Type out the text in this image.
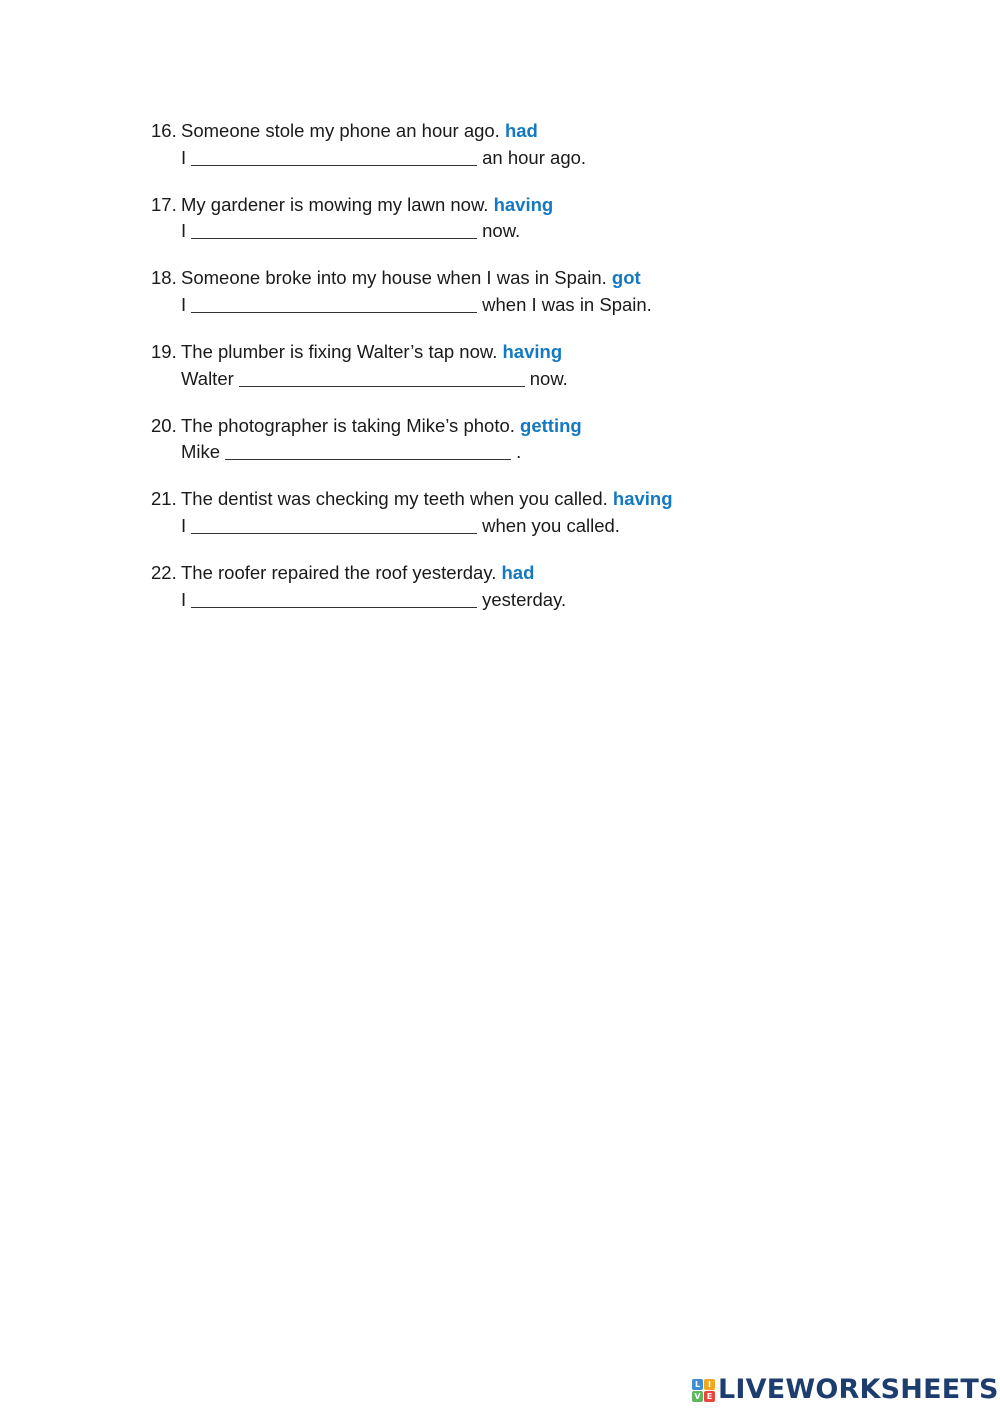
16. Someone stole my phone an hour ago. had
I	an hour ago.
17. My gardener is mowing my lawn now. having
I	now.
18. Someone broke into my house when I was in Spain. got
I	when I was in Spain.
19. The plumber is fixing Walter’s tap now. having
Walter	now.
20. The photographer is taking Mike’s photo. getting
Mike	.
21. The dentist was checking my teeth when you called. having
I	when you called.
22. The roofer repaired the roof yesterday. had
I	yesterday.
L I
V E LIVEWORKSHEETS
